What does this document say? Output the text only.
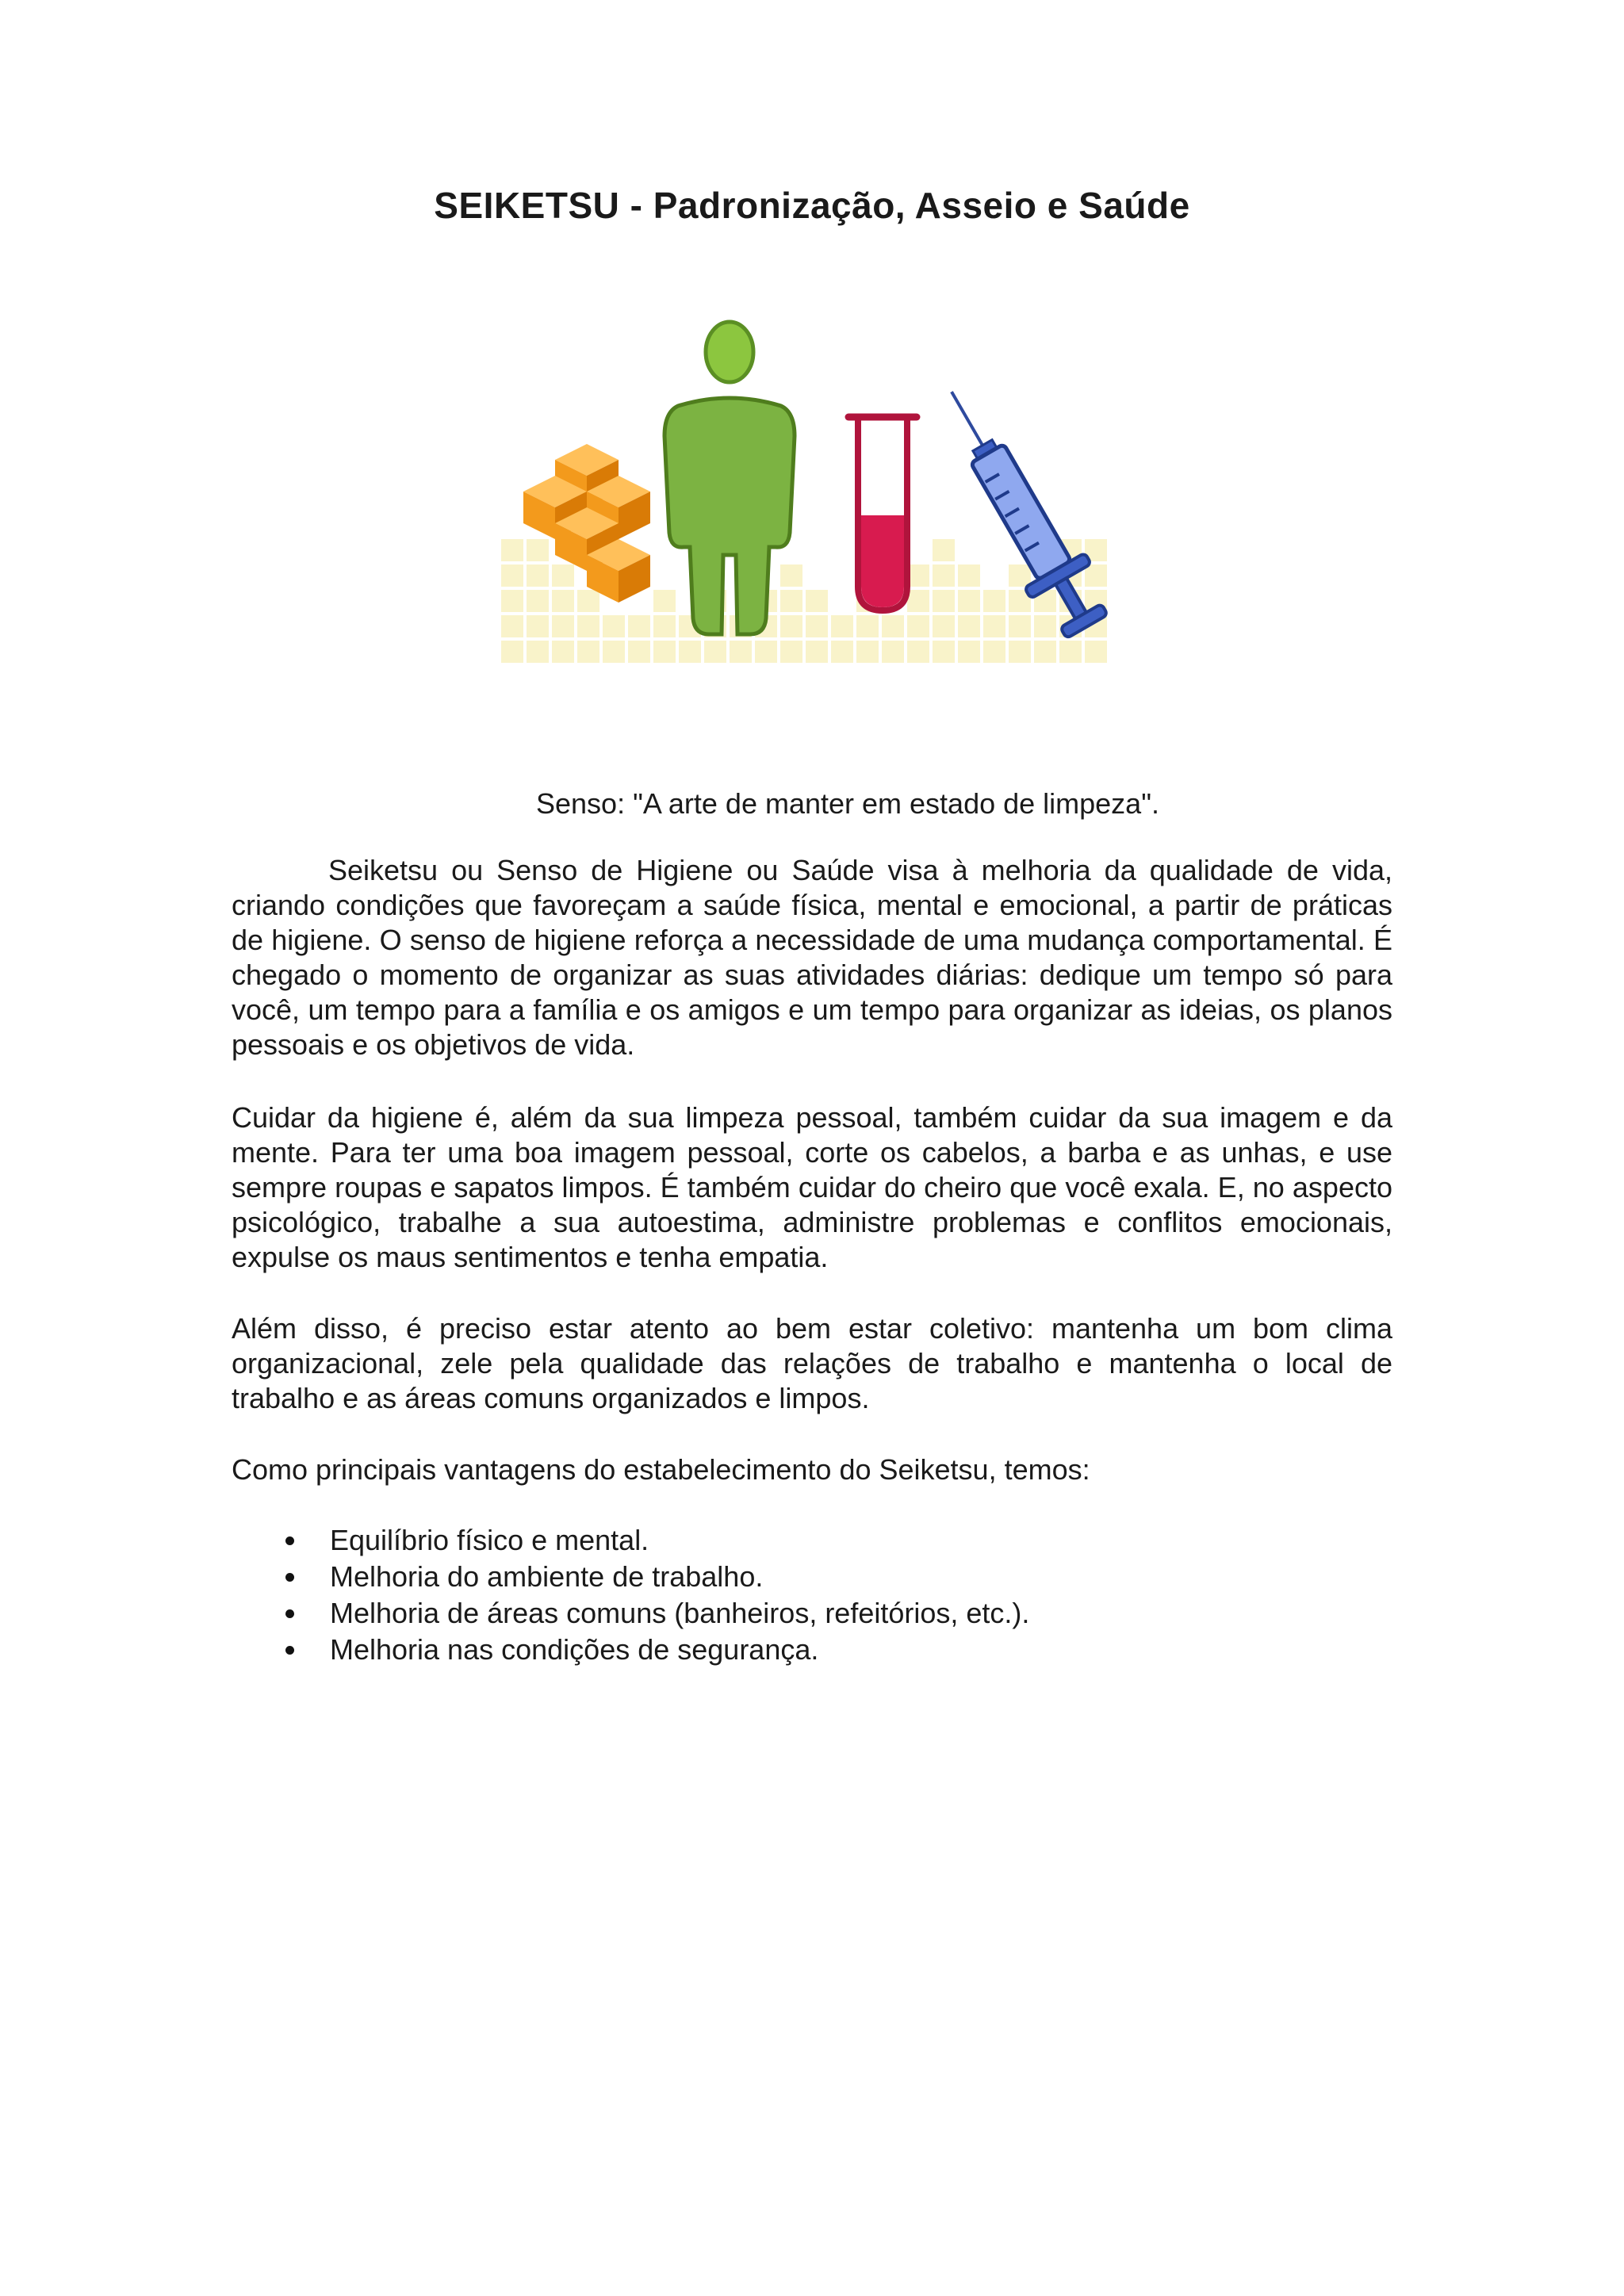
SEIKETSU - Padronização, Asseio e Saúde

Senso: "A arte de manter em estado de limpeza".

Seiketsu ou Senso de Higiene ou Saúde visa à melhoria da qualidade de vida, criando condições que favoreçam a saúde física, mental e emocional, a partir de práticas de higiene. O senso de higiene reforça a necessidade de uma mudança comportamental. É chegado o momento de organizar as suas atividades diárias: dedique um tempo só para você, um tempo para a família e os amigos e um tempo para organizar as ideias, os planos pessoais e os objetivos de vida.

Cuidar da higiene é, além da sua limpeza pessoal, também cuidar da sua imagem e da mente. Para ter uma boa imagem pessoal, corte os cabelos, a barba e as unhas, e use sempre roupas e sapatos limpos. É também cuidar do cheiro que você exala. E, no aspecto psicológico, trabalhe a sua autoestima, administre problemas e conflitos emocionais, expulse os maus sentimentos e tenha empatia.

Além disso, é preciso estar atento ao bem estar coletivo: mantenha um bom clima organizacional, zele pela qualidade das relações de trabalho e mantenha o local de trabalho e as áreas comuns organizados e limpos.

Como principais vantagens do estabelecimento do Seiketsu, temos:

Equilíbrio físico e mental.
Melhoria do ambiente de trabalho.
Melhoria de áreas comuns (banheiros, refeitórios, etc.).
Melhoria nas condições de segurança.
